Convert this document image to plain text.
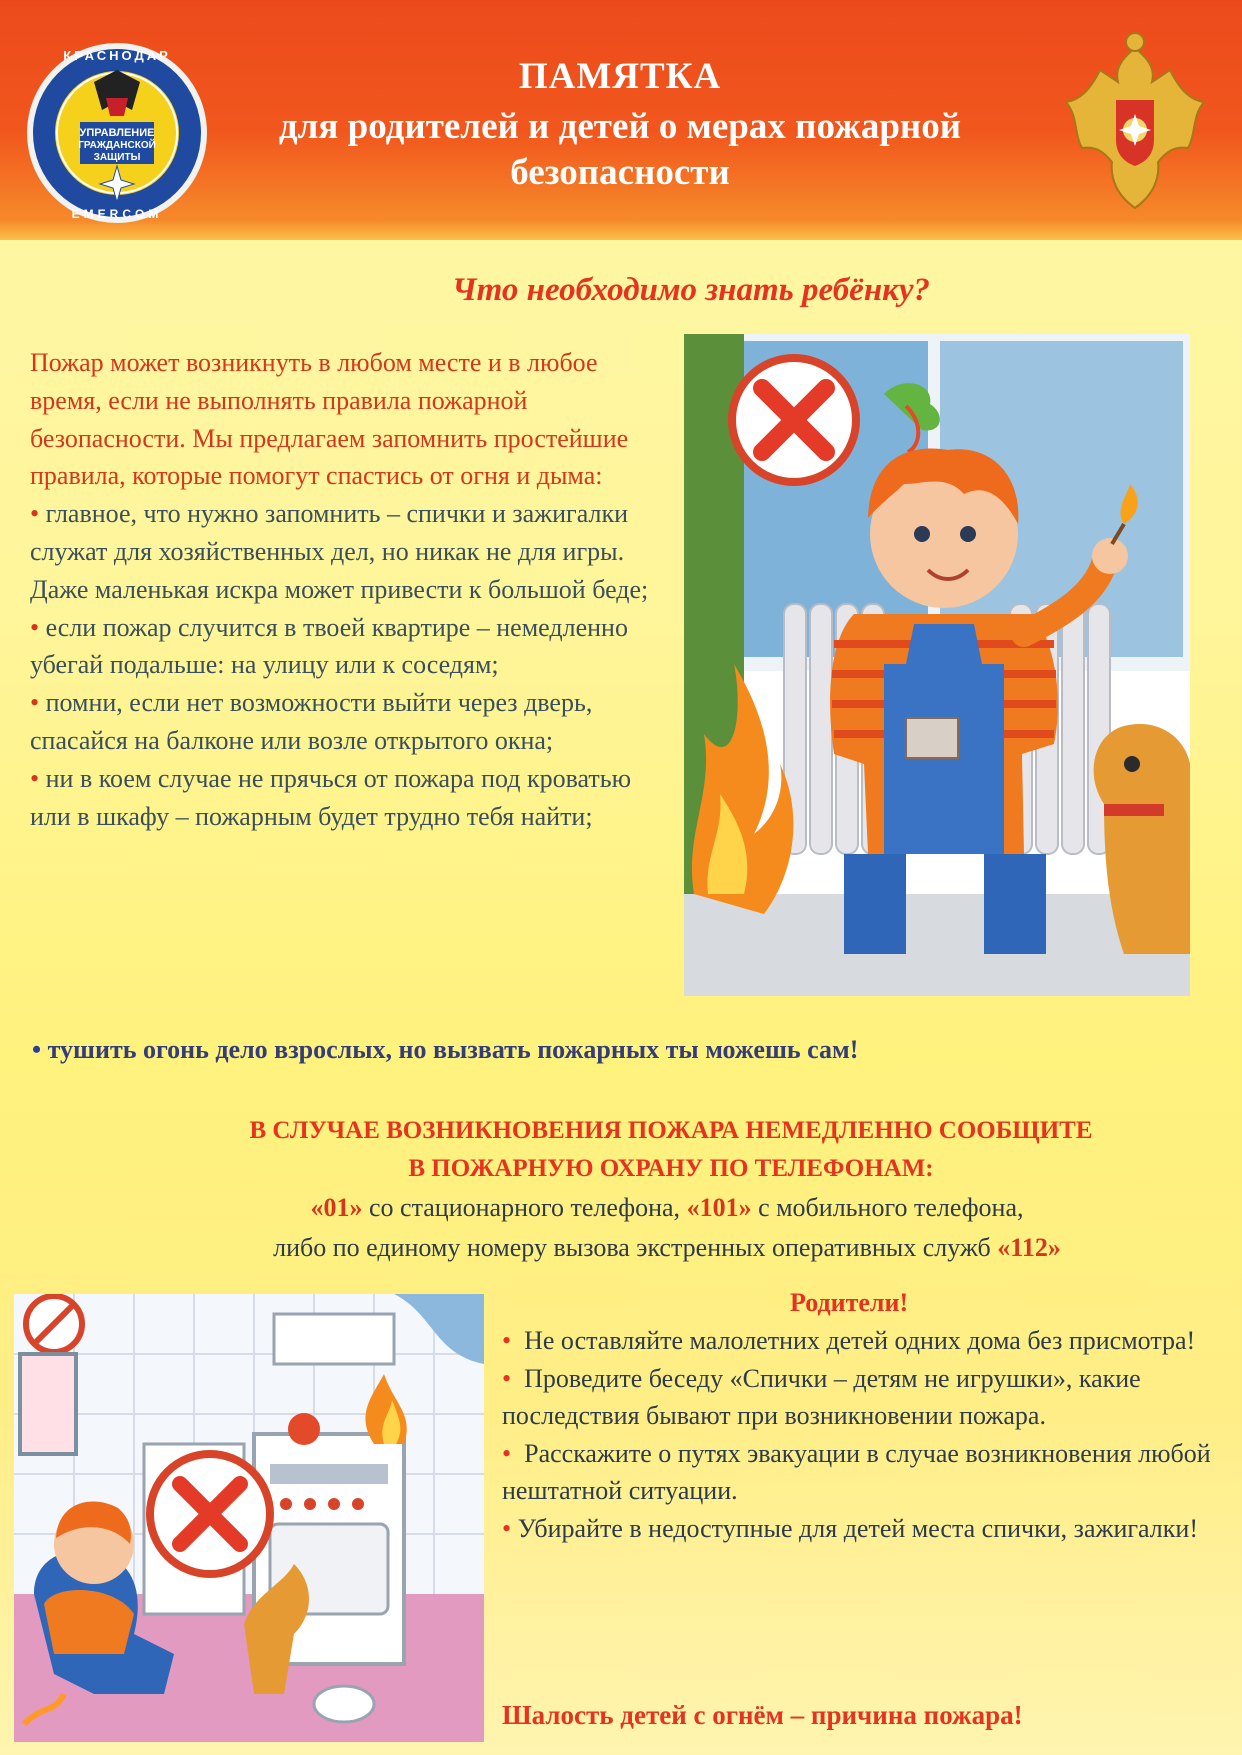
УПРАВЛЕНИЕ
ГРАЖДАНСКОЙ
ЗАЩИТЫ
КРАСНОДАР
EMERCOM
ПАМЯТКА
для родителей и детей о мерах пожарной
безопасности
Что необходимо знать ребёнку?

Пожар может возникнуть в любом месте и в любое время, если не выполнять правила пожарной безопасности. Мы предлагаем запомнить простейшие правила, которые помогут спастись от огня и дыма:

• главное, что нужно запомнить – спички и зажигалки служат для хозяйственных дел, но никак не для игры. Даже маленькая искра может привести к большой беде;

• если пожар случится в твоей квартире – немедленно убегай подальше: на улицу или к соседям;

• помни, если нет возможности выйти через дверь, спасайся на балконе или возле открытого окна;

• ни в коем случае не прячься от пожара под кроватью или в шкафу – пожарным будет трудно тебя найти;

• тушить огонь дело взрослых, но вызвать пожарных ты можешь сам!
В СЛУЧАЕ ВОЗНИКНОВЕНИЯ ПОЖАРА НЕМЕДЛЕННО СООБЩИТЕ
В ПОЖАРНУЮ ОХРАНУ ПО ТЕЛЕФОНАМ:
«01» со стационарного телефона, «101» с мобильного телефона,
либо по единому номеру вызова экстренных оперативных служб «112»
Родители!

•  Не оставляйте малолетних детей одних дома без присмотра!

•  Проведите беседу «Спички – детям не игрушки», какие последствия бывают при возникновении пожара.

•  Расскажите о путях эвакуации в случае возникновения любой нештатной ситуации.

• Убирайте в недоступные для детей места спички, зажигалки!

Шалость детей с огнём – причина пожара!
